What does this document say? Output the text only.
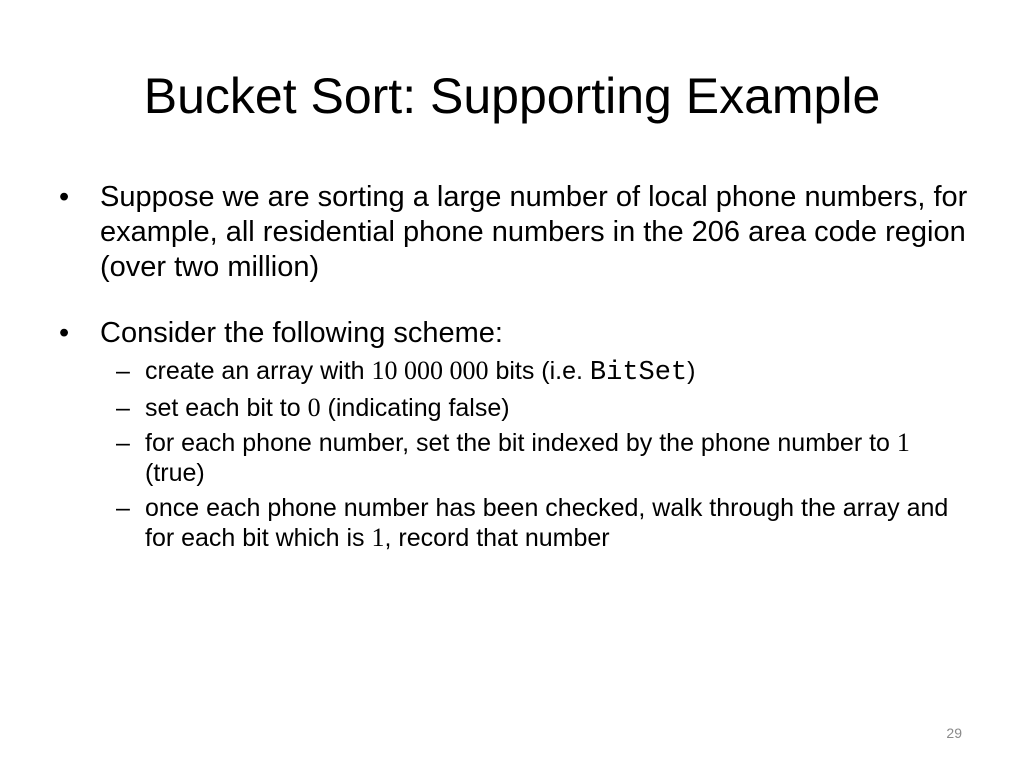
Bucket Sort: Supporting Example
• Suppose we are sorting a large number of local phone numbers, for example, all residential phone numbers in the 206 area code region (over two million)
• Consider the following scheme:
– create an array with 10 000 000 bits (i.e. BitSet)
– set each bit to 0 (indicating false)
– for each phone number, set the bit indexed by the phone number to 1 (true)
– once each phone number has been checked, walk through the array and for each bit which is 1, record that number
29
